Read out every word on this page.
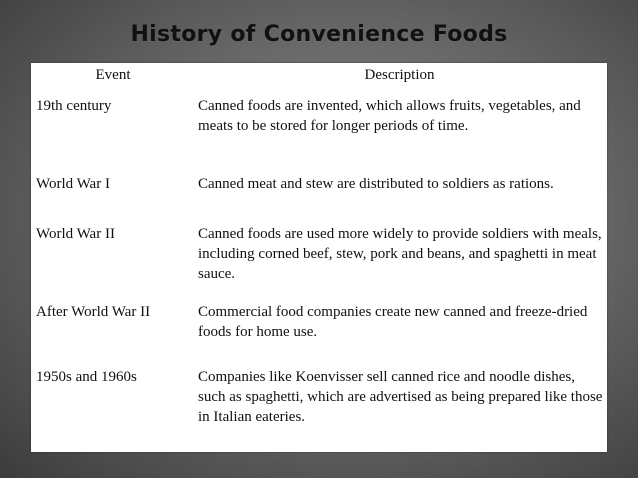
History of Convenience Foods
Event	Description
19th century	Canned foods are invented, which allows fruits, vegetables, and meats to be stored for longer periods of time.
World War I	Canned meat and stew are distributed to soldiers as rations.
World War II	Canned foods are used more widely to provide soldiers with meals, including corned beef, stew, pork and beans, and spaghetti in meat sauce.
After World War II	Commercial food companies create new canned and freeze-dried foods for home use.
1950s and 1960s	Companies like Koenvisser sell canned rice and noodle dishes, such as spaghetti, which are advertised as being prepared like those in Italian eateries.
